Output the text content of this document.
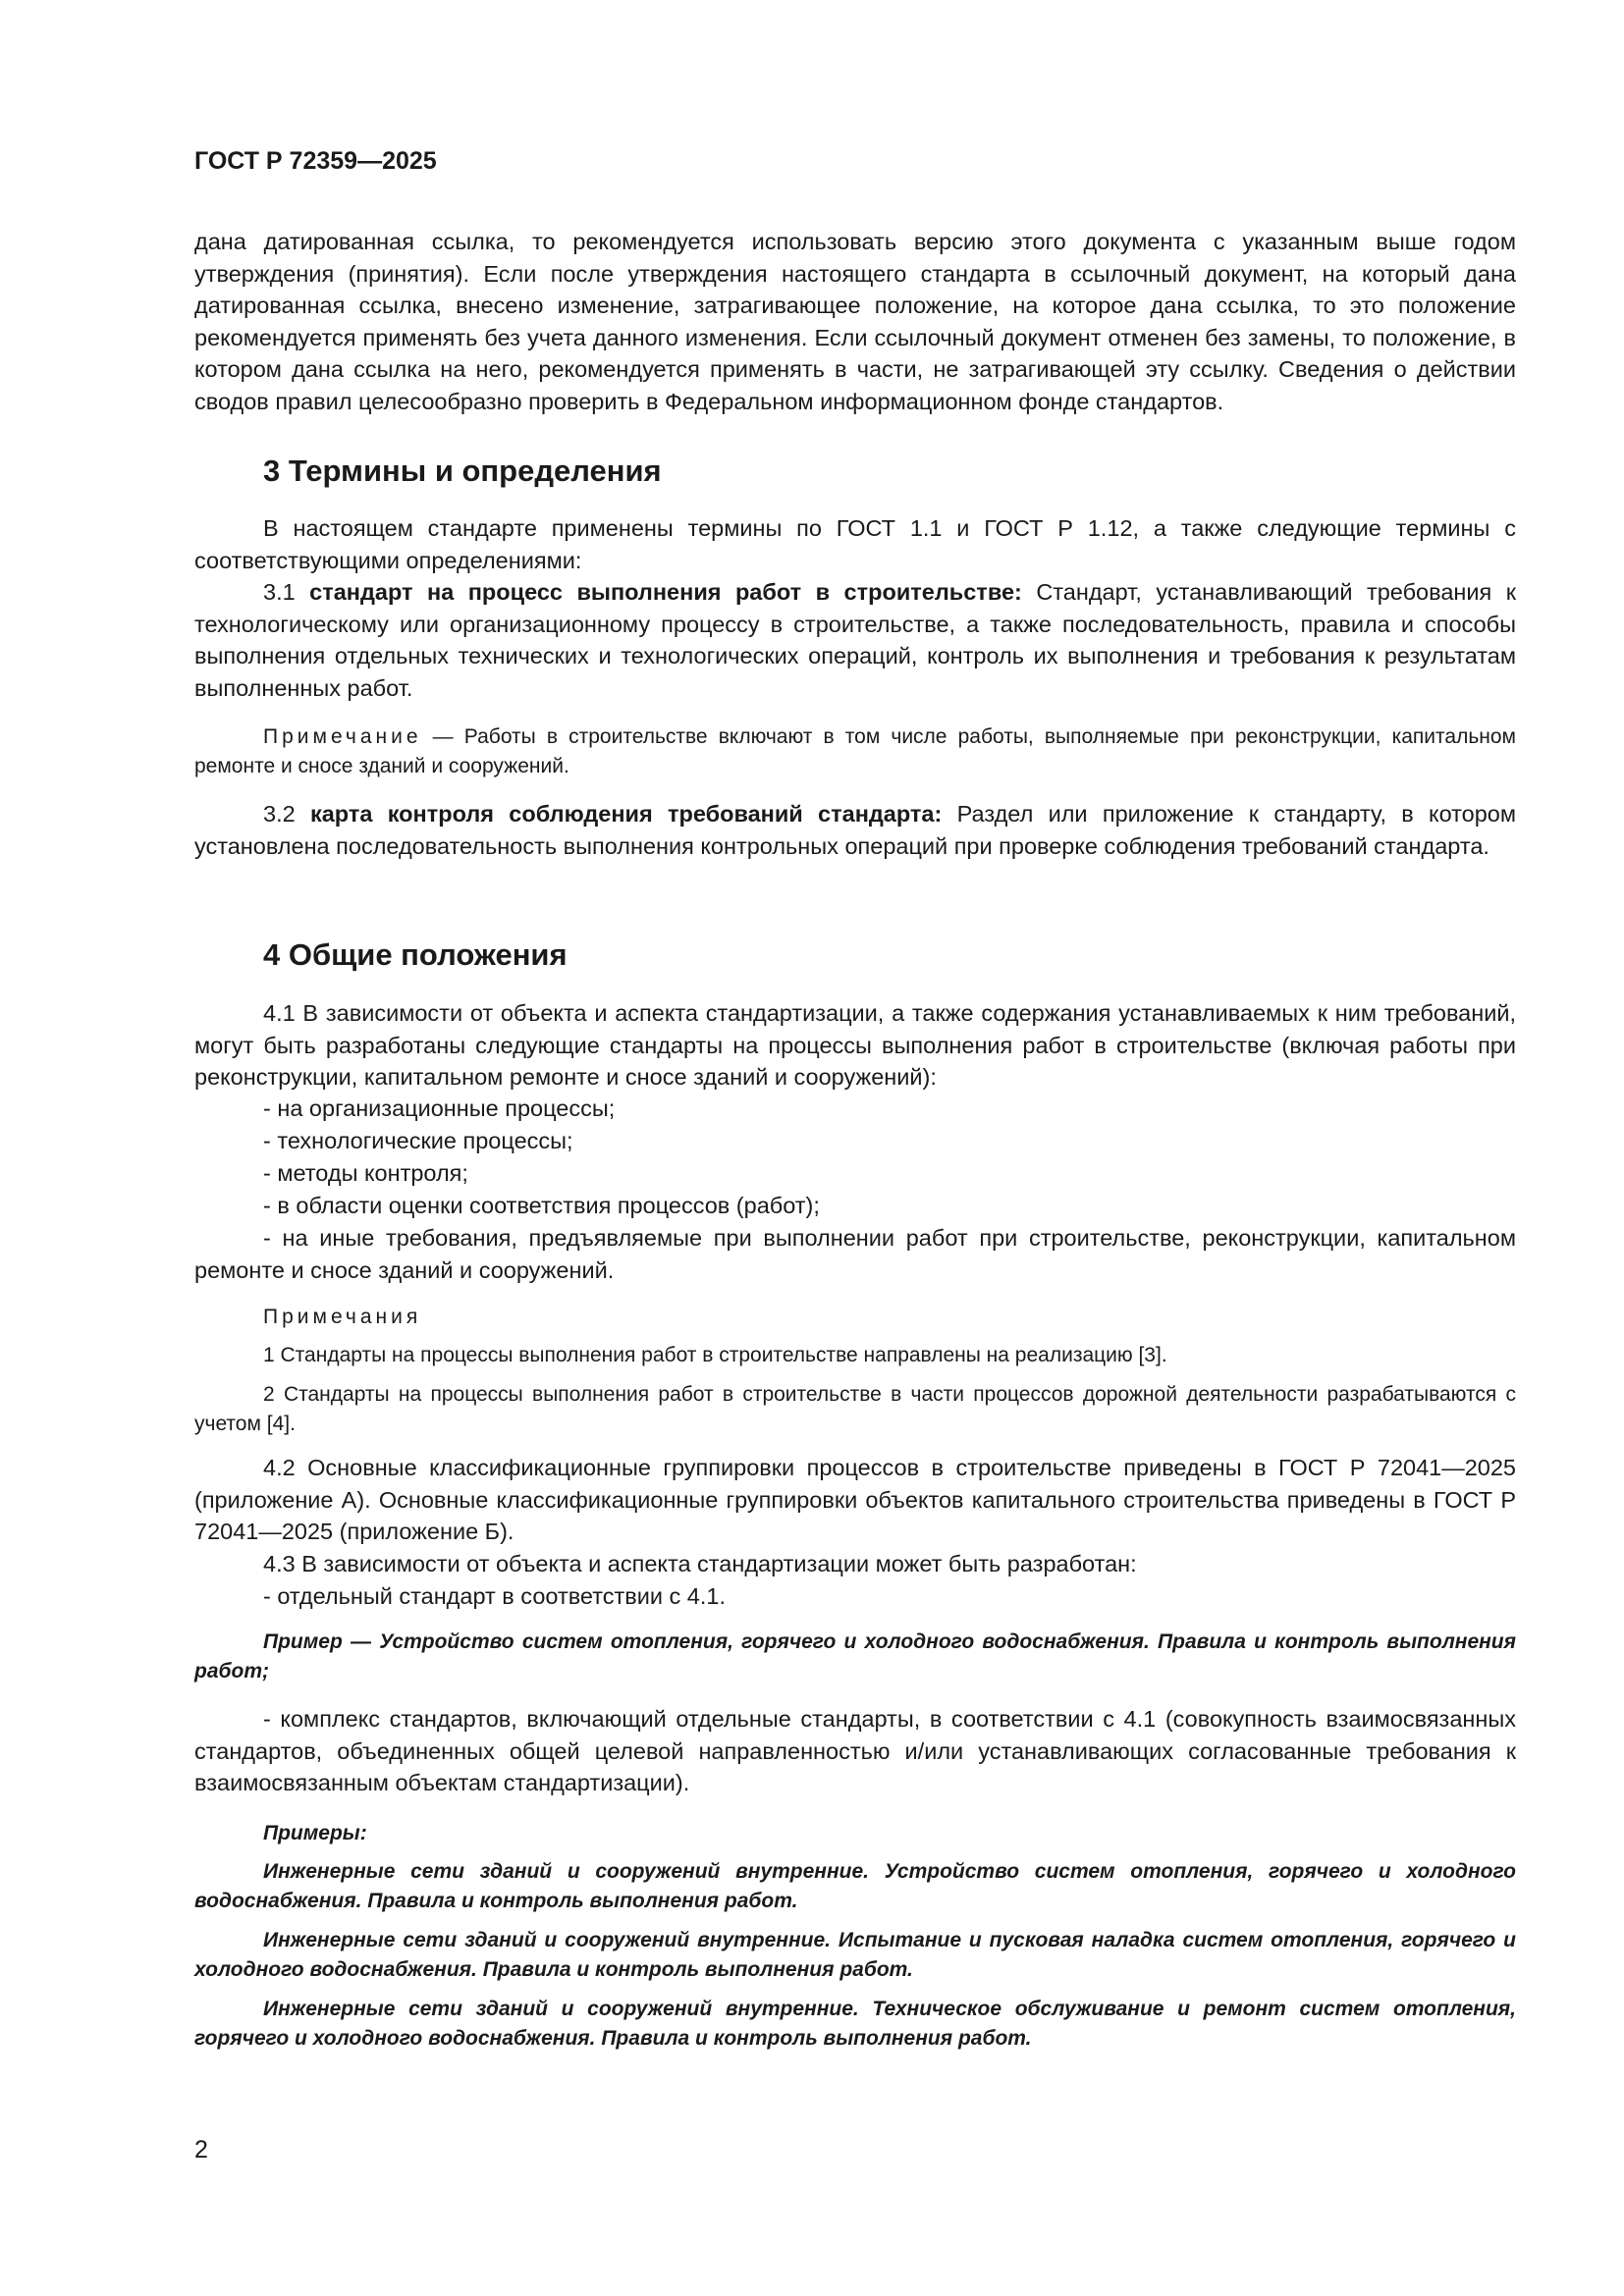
ГОСТ Р 72359—2025
дана датированная ссылка, то рекомендуется использовать версию этого документа с указанным выше годом утверждения (принятия). Если после утверждения настоящего стандарта в ссылочный документ, на который дана датированная ссылка, внесено изменение, затрагивающее положение, на которое дана ссылка, то это положение рекомендуется применять без учета данного изменения. Если ссылочный документ отменен без замены, то положение, в котором дана ссылка на него, рекомендуется применять в части, не затрагивающей эту ссылку. Сведения о действии сводов правил целесообразно проверить в Федеральном информационном фонде стандартов.
3 Термины и определения
В настоящем стандарте применены термины по ГОСТ 1.1 и ГОСТ Р 1.12, а также следующие термины с соответствующими определениями:
3.1 стандарт на процесс выполнения работ в строительстве: Стандарт, устанавливающий требования к технологическому или организационному процессу в строительстве, а также последовательность, правила и способы выполнения отдельных технических и технологических операций, контроль их выполнения и требования к результатам выполненных работ.
Примечание — Работы в строительстве включают в том числе работы, выполняемые при реконструкции, капитальном ремонте и сносе зданий и сооружений.
3.2 карта контроля соблюдения требований стандарта: Раздел или приложение к стандарту, в котором установлена последовательность выполнения контрольных операций при проверке соблюдения требований стандарта.
4 Общие положения
4.1 В зависимости от объекта и аспекта стандартизации, а также содержания устанавливаемых к ним требований, могут быть разработаны следующие стандарты на процессы выполнения работ в строительстве (включая работы при реконструкции, капитальном ремонте и сносе зданий и сооружений):
- на организационные процессы;
- технологические процессы;
- методы контроля;
- в области оценки соответствия процессов (работ);
- на иные требования, предъявляемые при выполнении работ при строительстве, реконструкции, капитальном ремонте и сносе зданий и сооружений.
Примечания
1 Стандарты на процессы выполнения работ в строительстве направлены на реализацию [3].
2 Стандарты на процессы выполнения работ в строительстве в части процессов дорожной деятельности разрабатываются с учетом [4].
4.2 Основные классификационные группировки процессов в строительстве приведены в ГОСТ Р 72041—2025 (приложение А). Основные классификационные группировки объектов капитального строительства приведены в ГОСТ Р 72041—2025 (приложение Б).
4.3 В зависимости от объекта и аспекта стандартизации может быть разработан:
- отдельный стандарт в соответствии с 4.1.
Пример — Устройство систем отопления, горячего и холодного водоснабжения. Правила и контроль выполнения работ;
- комплекс стандартов, включающий отдельные стандарты, в соответствии с 4.1 (совокупность взаимосвязанных стандартов, объединенных общей целевой направленностью и/или устанавливающих согласованные требования к взаимосвязанным объектам стандартизации).
Примеры:
Инженерные сети зданий и сооружений внутренние. Устройство систем отопления, горячего и холодного водоснабжения. Правила и контроль выполнения работ.
Инженерные сети зданий и сооружений внутренние. Испытание и пусковая наладка систем отопления, горячего и холодного водоснабжения. Правила и контроль выполнения работ.
Инженерные сети зданий и сооружений внутренние. Техническое обслуживание и ремонт систем отопления, горячего и холодного водоснабжения. Правила и контроль выполнения работ.
2
